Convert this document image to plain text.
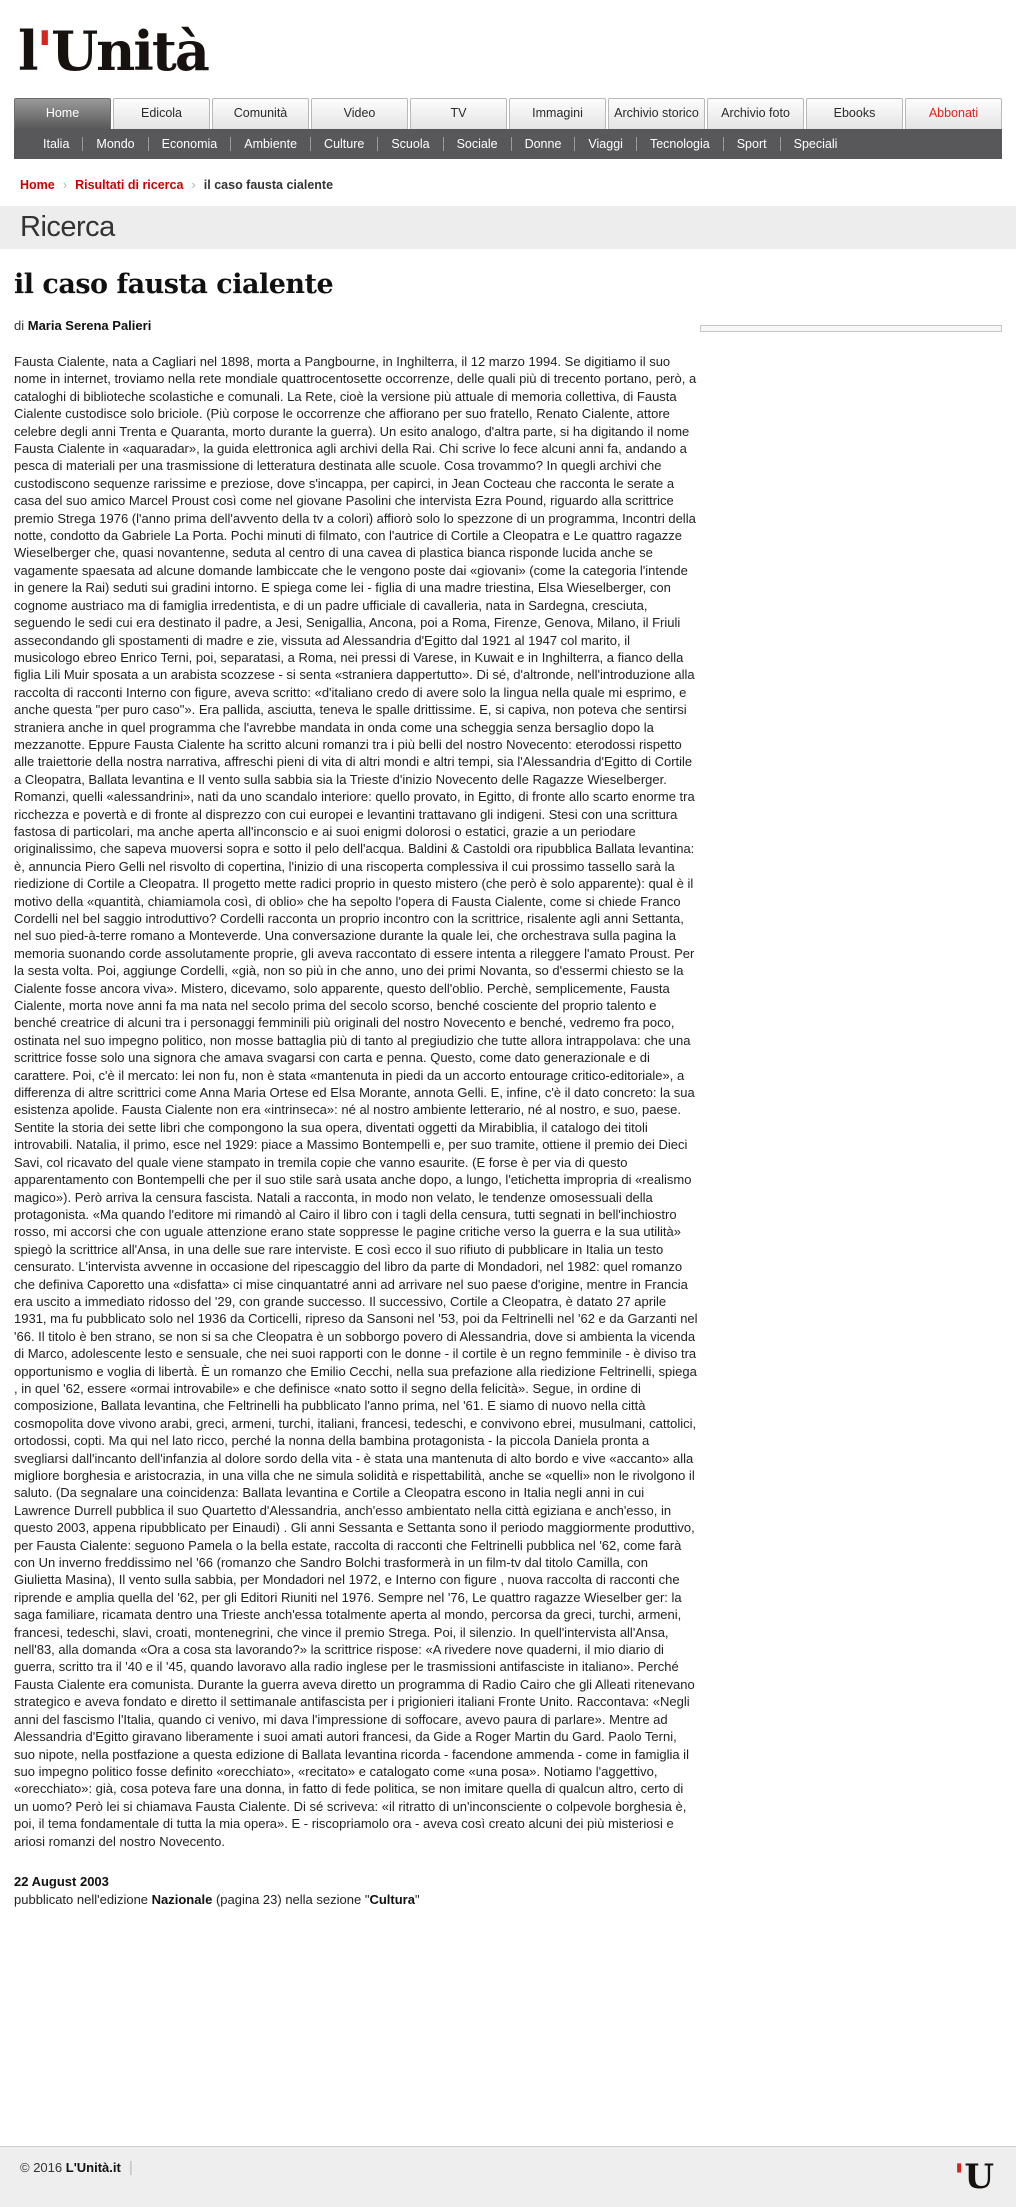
l'Unità
Home	Edicola	Comunità	Video	TV	Immagini	Archivio storico	Archivio foto	Ebooks	Abbonati
Italia	Mondo	Economia	Ambiente	Culture	Scuola	Sociale	Donne	Viaggi	Tecnologia	Sport	Speciali
Home › Risultati di ricerca › il caso fausta cialente
Ricerca
il caso fausta cialente
di Maria Serena Palieri
Fausta Cialente, nata a Cagliari nel 1898, morta a Pangbourne, in Inghilterra, il 12 marzo 1994. Se digitiamo il suo nome in internet, troviamo nella rete mondiale quattrocentosette occorrenze, delle quali più di trecento portano, però, a cataloghi di biblioteche scolastiche e comunali. La Rete, cioè la versione più attuale di memoria collettiva, di Fausta Cialente custodisce solo briciole. (Più corpose le occorrenze che affiorano per suo fratello, Renato Cialente, attore celebre degli anni Trenta e Quaranta, morto durante la guerra). Un esito analogo, d'altra parte, si ha digitando il nome Fausta Cialente in «aquaradar», la guida elettronica agli archivi della Rai. Chi scrive lo fece alcuni anni fa, andando a pesca di materiali per una trasmissione di letteratura destinata alle scuole. Cosa trovammo? In quegli archivi che custodiscono sequenze rarissime e preziose, dove s'incappa, per capirci, in Jean Cocteau che racconta le serate a casa del suo amico Marcel Proust così come nel giovane Pasolini che intervista Ezra Pound, riguardo alla scrittrice premio Strega 1976 (l'anno prima dell'avvento della tv a colori) affiorò solo lo spezzone di un programma, Incontri della notte, condotto da Gabriele La Porta. Pochi minuti di filmato, con l'autrice di Cortile a Cleopatra e Le quattro ragazze Wieselberger che, quasi novantenne, seduta al centro di una cavea di plastica bianca risponde lucida anche se vagamente spaesata ad alcune domande lambiccate che le vengono poste dai «giovani» (come la categoria l'intende in genere la Rai) seduti sui gradini intorno. E spiega come lei - figlia di una madre triestina, Elsa Wieselberger, con cognome austriaco ma di famiglia irredentista, e di un padre ufficiale di cavalleria, nata in Sardegna, cresciuta, seguendo le sedi cui era destinato il padre, a Jesi, Senigallia, Ancona, poi a Roma, Firenze, Genova, Milano, il Friuli assecondando gli spostamenti di madre e zie, vissuta ad Alessandria d'Egitto dal 1921 al 1947 col marito, il musicologo ebreo Enrico Terni, poi, separatasi, a Roma, nei pressi di Varese, in Kuwait e in Inghilterra, a fianco della figlia Lili Muir sposata a un arabista scozzese - si senta «straniera dappertutto». Di sé, d'altronde, nell'introduzione alla raccolta di racconti Interno con figure, aveva scritto: «d'italiano credo di avere solo la lingua nella quale mi esprimo, e anche questa "per puro caso"». Era pallida, asciutta, teneva le spalle drittissime. E, si capiva, non poteva che sentirsi straniera anche in quel programma che l'avrebbe mandata in onda come una scheggia senza bersaglio dopo la mezzanotte. Eppure Fausta Cialente ha scritto alcuni romanzi tra i più belli del nostro Novecento: eterodossi rispetto alle traiettorie della nostra narrativa, affreschi pieni di vita di altri mondi e altri tempi, sia l'Alessandria d'Egitto di Cortile a Cleopatra, Ballata levantina e Il vento sulla sabbia sia la Trieste d'inizio Novecento delle Ragazze Wieselberger. Romanzi, quelli «alessandrini», nati da uno scandalo interiore: quello provato, in Egitto, di fronte allo scarto enorme tra ricchezza e povertà e di fronte al disprezzo con cui europei e levantini trattavano gli indigeni. Stesi con una scrittura fastosa di particolari, ma anche aperta all'inconscio e ai suoi enigmi dolorosi o estatici, grazie a un periodare originalissimo, che sapeva muoversi sopra e sotto il pelo dell'acqua. Baldini & Castoldi ora ripubblica Ballata levantina: è, annuncia Piero Gelli nel risvolto di copertina, l'inizio di una riscoperta complessiva il cui prossimo tassello sarà la riedizione di Cortile a Cleopatra. Il progetto mette radici proprio in questo mistero (che però è solo apparente): qual è il motivo della «quantità, chiamiamola così, di oblio» che ha sepolto l'opera di Fausta Cialente, come si chiede Franco Cordelli nel bel saggio introduttivo? Cordelli racconta un proprio incontro con la scrittrice, risalente agli anni Settanta, nel suo pied-à-terre romano a Monteverde. Una conversazione durante la quale lei, che orchestrava sulla pagina la memoria suonando corde assolutamente proprie, gli aveva raccontato di essere intenta a rileggere l'amato Proust. Per la sesta volta. Poi, aggiunge Cordelli, «già, non so più in che anno, uno dei primi Novanta, so d'essermi chiesto se la Cialente fosse ancora viva». Mistero, dicevamo, solo apparente, questo dell'oblio. Perchè, semplicemente, Fausta Cialente, morta nove anni fa ma nata nel secolo prima del secolo scorso, benché cosciente del proprio talento e benché creatrice di alcuni tra i personaggi femminili più originali del nostro Novecento e benché, vedremo fra poco, ostinata nel suo impegno politico, non mosse battaglia più di tanto al pregiudizio che tutte allora intrappolava: che una scrittrice fosse solo una signora che amava svagarsi con carta e penna. Questo, come dato generazionale e di carattere. Poi, c'è il mercato: lei non fu, non è stata «mantenuta in piedi da un accorto entourage critico-editoriale», a differenza di altre scrittrici come Anna Maria Ortese ed Elsa Morante, annota Gelli. E, infine, c'è il dato concreto: la sua esistenza apolide. Fausta Cialente non era «intrinseca»: né al nostro ambiente letterario, né al nostro, e suo, paese. Sentite la storia dei sette libri che compongono la sua opera, diventati oggetti da Mirabiblia, il catalogo dei titoli introvabili. Natalia, il primo, esce nel 1929: piace a Massimo Bontempelli e, per suo tramite, ottiene il premio dei Dieci Savi, col ricavato del quale viene stampato in tremila copie che vanno esaurite. (E forse è per via di questo apparentamento con Bontempelli che per il suo stile sarà usata anche dopo, a lungo, l'etichetta impropria di «realismo magico»). Però arriva la censura fascista. Natali a racconta, in modo non velato, le tendenze omosessuali della protagonista. «Ma quando l'editore mi rimandò al Cairo il libro con i tagli della censura, tutti segnati in bell'inchiostro rosso, mi accorsi che con uguale attenzione erano state soppresse le pagine critiche verso la guerra e la sua utilità» spiegò la scrittrice all'Ansa, in una delle sue rare interviste. E così ecco il suo rifiuto di pubblicare in Italia un testo censurato. L'intervista avvenne in occasione del ripescaggio del libro da parte di Mondadori, nel 1982: quel romanzo che definiva Caporetto una «disfatta» ci mise cinquantatré anni ad arrivare nel suo paese d'origine, mentre in Francia era uscito a immediato ridosso del '29, con grande successo. Il successivo, Cortile a Cleopatra, è datato 27 aprile 1931, ma fu pubblicato solo nel 1936 da Corticelli, ripreso da Sansoni nel '53, poi da Feltrinelli nel '62 e da Garzanti nel '66. Il titolo è ben strano, se non si sa che Cleopatra è un sobborgo povero di Alessandria, dove si ambienta la vicenda di Marco, adolescente lesto e sensuale, che nei suoi rapporti con le donne - il cortile è un regno femminile - è diviso tra opportunismo e voglia di libertà. È un romanzo che Emilio Cecchi, nella sua prefazione alla riedizione Feltrinelli, spiega , in quel '62, essere «ormai introvabile» e che definisce «nato sotto il segno della felicità». Segue, in ordine di composizione, Ballata levantina, che Feltrinelli ha pubblicato l'anno prima, nel '61. E siamo di nuovo nella città cosmopolita dove vivono arabi, greci, armeni, turchi, italiani, francesi, tedeschi, e convivono ebrei, musulmani, cattolici, ortodossi, copti. Ma qui nel lato ricco, perché la nonna della bambina protagonista - la piccola Daniela pronta a svegliarsi dall'incanto dell'infanzia al dolore sordo della vita - è stata una mantenuta di alto bordo e vive «accanto» alla migliore borghesia e aristocrazia, in una villa che ne simula solidità e rispettabilità, anche se «quelli» non le rivolgono il saluto. (Da segnalare una coincidenza: Ballata levantina e Cortile a Cleopatra escono in Italia negli anni in cui Lawrence Durrell pubblica il suo Quartetto d'Alessandria, anch'esso ambientato nella città egiziana e anch'esso, in questo 2003, appena ripubblicato per Einaudi) . Gli anni Sessanta e Settanta sono il periodo maggiormente produttivo, per Fausta Cialente: seguono Pamela o la bella estate, raccolta di racconti che Feltrinelli pubblica nel '62, come farà con Un inverno freddissimo nel '66 (romanzo che Sandro Bolchi trasformerà in un film-tv dal titolo Camilla, con Giulietta Masina), Il vento sulla sabbia, per Mondadori nel 1972, e Interno con figure , nuova raccolta di racconti che riprende e amplia quella del '62, per gli Editori Riuniti nel 1976. Sempre nel '76, Le quattro ragazze Wieselber ger: la saga familiare, ricamata dentro una Trieste anch'essa totalmente aperta al mondo, percorsa da greci, turchi, armeni, francesi, tedeschi, slavi, croati, montenegrini, che vince il premio Strega. Poi, il silenzio. In quell'intervista all'Ansa, nell'83, alla domanda «Ora a cosa sta lavorando?» la scrittrice rispose: «A rivedere nove quaderni, il mio diario di guerra, scritto tra il '40 e il '45, quando lavoravo alla radio inglese per le trasmissioni antifasciste in italiano». Perché Fausta Cialente era comunista. Durante la guerra aveva diretto un programma di Radio Cairo che gli Alleati ritenevano strategico e aveva fondato e diretto il settimanale antifascista per i prigionieri italiani Fronte Unito. Raccontava: «Negli anni del fascismo l'Italia, quando ci venivo, mi dava l'impressione di soffocare, avevo paura di parlare». Mentre ad Alessandria d'Egitto giravano liberamente i suoi amati autori francesi, da Gide a Roger Martin du Gard. Paolo Terni, suo nipote, nella postfazione a questa edizione di Ballata levantina ricorda - facendone ammenda - come in famiglia il suo impegno politico fosse definito «orecchiato», «recitato» e catalogato come «una posa». Notiamo l'aggettivo, «orecchiato»: già, cosa poteva fare una donna, in fatto di fede politica, se non imitare quella di qualcun altro, certo di un uomo? Però lei si chiamava Fausta Cialente. Di sé scriveva: «il ritratto di un'inconsciente o colpevole borghesia è, poi, il tema fondamentale di tutta la mia opera». E - riscopriamolo ora - aveva così creato alcuni dei più misteriosi e ariosi romanzi del nostro Novecento.
22 August 2003
pubblicato nell'edizione Nazionale (pagina 23) nella sezione "Cultura"
© 2016
L'Unità.it |	'U
